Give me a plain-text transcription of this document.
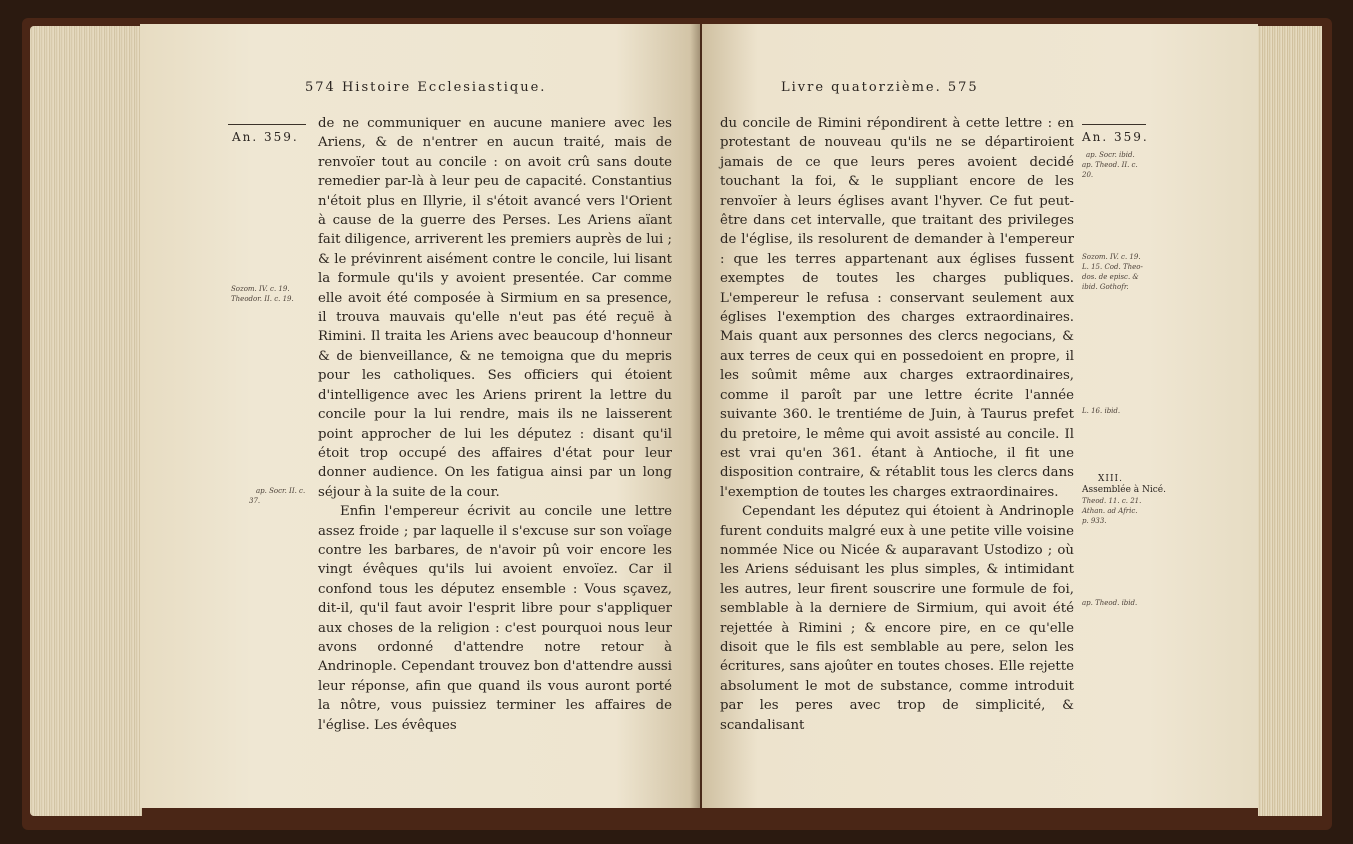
574 Histoire Ecclesiastique.
An. 359.
Sozom. IV. c. 19.
Theodor. II. c. 19.
ap. Socr. II. c.
37.

de ne communiquer en aucune maniere avec les Ariens, & de n'entrer en aucun traité, mais de renvoïer tout au concile : on avoit crû sans doute remedier par-là à leur peu de capacité. Constantius n'étoit plus en Illyrie, il s'étoit avancé vers l'Orient à cause de la guerre des Perses. Les Ariens aïant fait diligence, arriverent les premiers auprès de lui ; & le prévinrent aisément contre le concile, lui lisant la formule qu'ils y avoient presentée. Car comme elle avoit été composée à Sirmium en sa presence, il trouva mauvais qu'elle n'eut pas été reçuë à Rimini. Il traita les Ariens avec beaucoup d'honneur & de bienveillance, & ne temoigna que du mepris pour les catholiques. Ses officiers qui étoient d'intelligence avec les Ariens prirent la lettre du concile pour la lui rendre, mais ils ne laisserent point approcher de lui les députez : disant qu'il étoit trop occupé des affaires d'état pour leur donner audience. On les fatigua ainsi par un long séjour à la suite de la cour.

Enfin l'empereur écrivit au concile une lettre assez froide ; par laquelle il s'excuse sur son voïage contre les barbares, de n'avoir pû voir encore les vingt évêques qu'ils lui avoient envoïez. Car il confond tous les députez ensemble : Vous sçavez, dit-il, qu'il faut avoir l'esprit libre pour s'appliquer aux choses de la religion : c'est pourquoi nous leur avons ordonné d'attendre notre retour à Andrinople. Cependant trouvez bon d'attendre aussi leur réponse, afin que quand ils vous auront porté la nôtre, vous puissiez terminer les affaires de l'église. Les évêques

Livre quatorzième. 575
An. 359.
ap. Socr. ibid.
ap. Theod. II. c.
20.
Sozom. IV. c. 19.
L. 15. Cod. Theo-
dos. de episc. &
ibid. Gothofr.
L. 16. ibid.
XIII.
Assemblée à Nicé.
Theod. 11. c. 21.
Athan. ad Afric.
p. 933.
ap. Theod. ibid.

du concile de Rimini répondirent à cette lettre : en protestant de nouveau qu'ils ne se départiroient jamais de ce que leurs peres avoient decidé touchant la foi, & le suppliant encore de les renvoïer à leurs églises avant l'hyver. Ce fut peut-être dans cet intervalle, que traitant des privileges de l'église, ils resolurent de demander à l'empereur : que les terres appartenant aux églises fussent exemptes de toutes les charges publiques. L'empereur le refusa : conservant seulement aux églises l'exemption des charges extraordinaires. Mais quant aux personnes des clercs negocians, & aux terres de ceux qui en possedoient en propre, il les soûmit même aux charges extraordinaires, comme il paroît par une lettre écrite l'année suivante 360. le trentiéme de Juin, à Taurus prefet du pretoire, le même qui avoit assisté au concile. Il est vrai qu'en 361. étant à Antioche, il fit une disposition contraire, & rétablit tous les clercs dans l'exemption de toutes les charges extraordinaires.

Cependant les députez qui étoient à Andrinople furent conduits malgré eux à une petite ville voisine nommée Nice ou Nicée & auparavant Ustodizo ; où les Ariens séduisant les plus simples, & intimidant les autres, leur firent souscrire une formule de foi, semblable à la derniere de Sirmium, qui avoit été rejettée à Rimini ; & encore pire, en ce qu'elle disoit que le fils est semblable au pere, selon les écritures, sans ajoûter en toutes choses. Elle rejette absolument le mot de substance, comme introduit par les peres avec trop de simplicité, & scandalisant
